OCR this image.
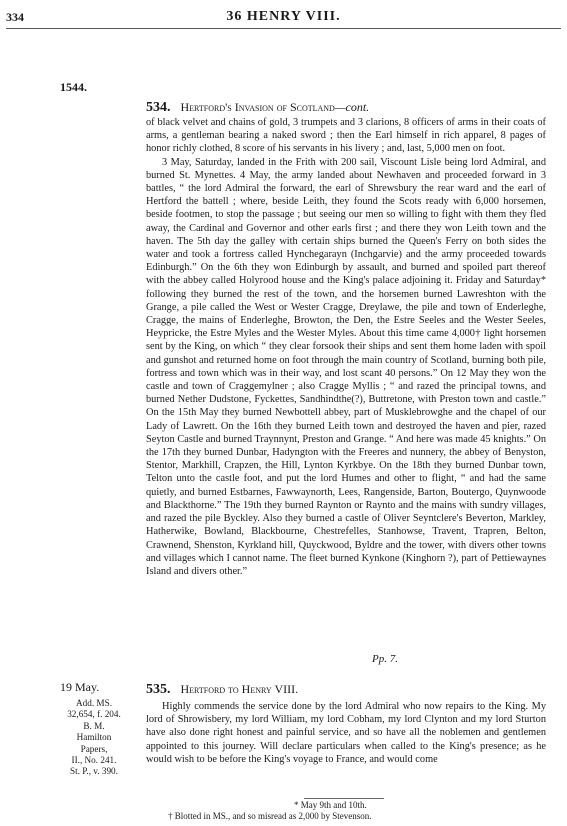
334	36 HENRY VIII.
1544.
534. Hertford's Invasion of Scotland—cont.

of black velvet and chains of gold, 3 trumpets and 3 clarions, 8 officers of arms in their coats of arms, a gentleman bearing a naked sword ; then the Earl himself in rich apparel, 8 pages of honor richly clothed, 8 score of his servants in his livery ; and, last, 5,000 men on foot.

3 May, Saturday, landed in the Frith with 200 sail, Viscount Lisle being lord Admiral, and burned St. Mynettes. 4 May, the army landed about Newhaven and proceeded forward in 3 battles, “ the lord Admiral the forward, the earl of Shrewsbury the rear ward and the earl of Hertford the battell ; where, beside Leith, they found the Scots ready with 6,000 horsemen, beside footmen, to stop the passage ; but seeing our men so willing to fight with them they fled away, the Cardinal and Governor and other earls first ; and there they won Leith town and the haven. The 5th day the galley with certain ships burned the Queen's Ferry on both sides the water and took a fortress called Hynchegarayn (Inchgarvie) and the army proceeded towards Edinburgh.” On the 6th they won Edinburgh by assault, and burned and spoiled part thereof with the abbey called Holyrood house and the King's palace adjoining it. Friday and Saturday* following they burned the rest of the town, and the horsemen burned Lawreshton with the Grange, a pile called the West or Wester Cragge, Dreylawe, the pile and town of Enderleghe, Cragge, the mains of Enderleghe, Browton, the Den, the Estre Seeles and the Wester Seeles, Heypricke, the Estre Myles and the Wester Myles. About this time came 4,000† light horsemen sent by the King, on which “ they clear forsook their ships and sent them home laden with spoil and gunshot and returned home on foot through the main country of Scotland, burning both pile, fortress and town which was in their way, and lost scant 40 persons.” On 12 May they won the castle and town of Craggemylner ; also Cragge Myllis ; “ and razed the principal towns, and burned Nether Dudstone, Fyckettes, Sandhindthe(?), Buttretone, with Preston town and castle.” On the 15th May they burned Newbottell abbey, part of Musklebrowghe and the chapel of our Lady of Lawrett. On the 16th they burned Leith town and destroyed the haven and pier, razed Seyton Castle and burned Traynnynt, Preston and Grange. “ And here was made 45 knights.” On the 17th they burned Dunbar, Hadyngton with the Freeres and nunnery, the abbey of Benyston, Stentor, Markhill, Crapzen, the Hill, Lynton Kyrkbye. On the 18th they burned Dunbar town, Telton unto the castle foot, and put the lord Humes and other to flight, “ and had the same quietly, and burned Estbarnes, Fawwaynorth, Lees, Rangenside, Barton, Boutergo, Quynwoode and Blackthorne.” The 19th they burned Raynton or Raynto and the mains with sundry villages, and razed the pile Byckley. Also they burned a castle of Oliver Seyntclere's Beverton, Markley, Hatherwike, Bowland, Blackbourne, Chestrefelles, Stanhowse, Travent, Trapren, Belton, Crawnend, Shenston, Kyrkland hill, Quyckwood, Byldre and the tower, with divers other towns and villages which I cannot name. The fleet burned Kynkone (Kinghorn ?), part of Pettiewaynes Island and divers other.”

Pp. 7.
19 May.
Add. MS.
32,654, f. 204.
B. M.
Hamilton
Papers,
II., No. 241.
St. P., v. 390.
535. Hertford to Henry VIII.

Highly commends the service done by the lord Admiral who now repairs to the King. My lord of Shrowisbery, my lord William, my lord Cobham, my lord Clynton and my lord Sturton have also done right honest and painful service, and so have all the noblemen and gentlemen appointed to this journey. Will declare particulars when called to the King's presence; as he would wish to be before the King's voyage to France, and would come

* May 9th and 10th.
† Blotted in MS., and so misread as 2,000 by Stevenson.
